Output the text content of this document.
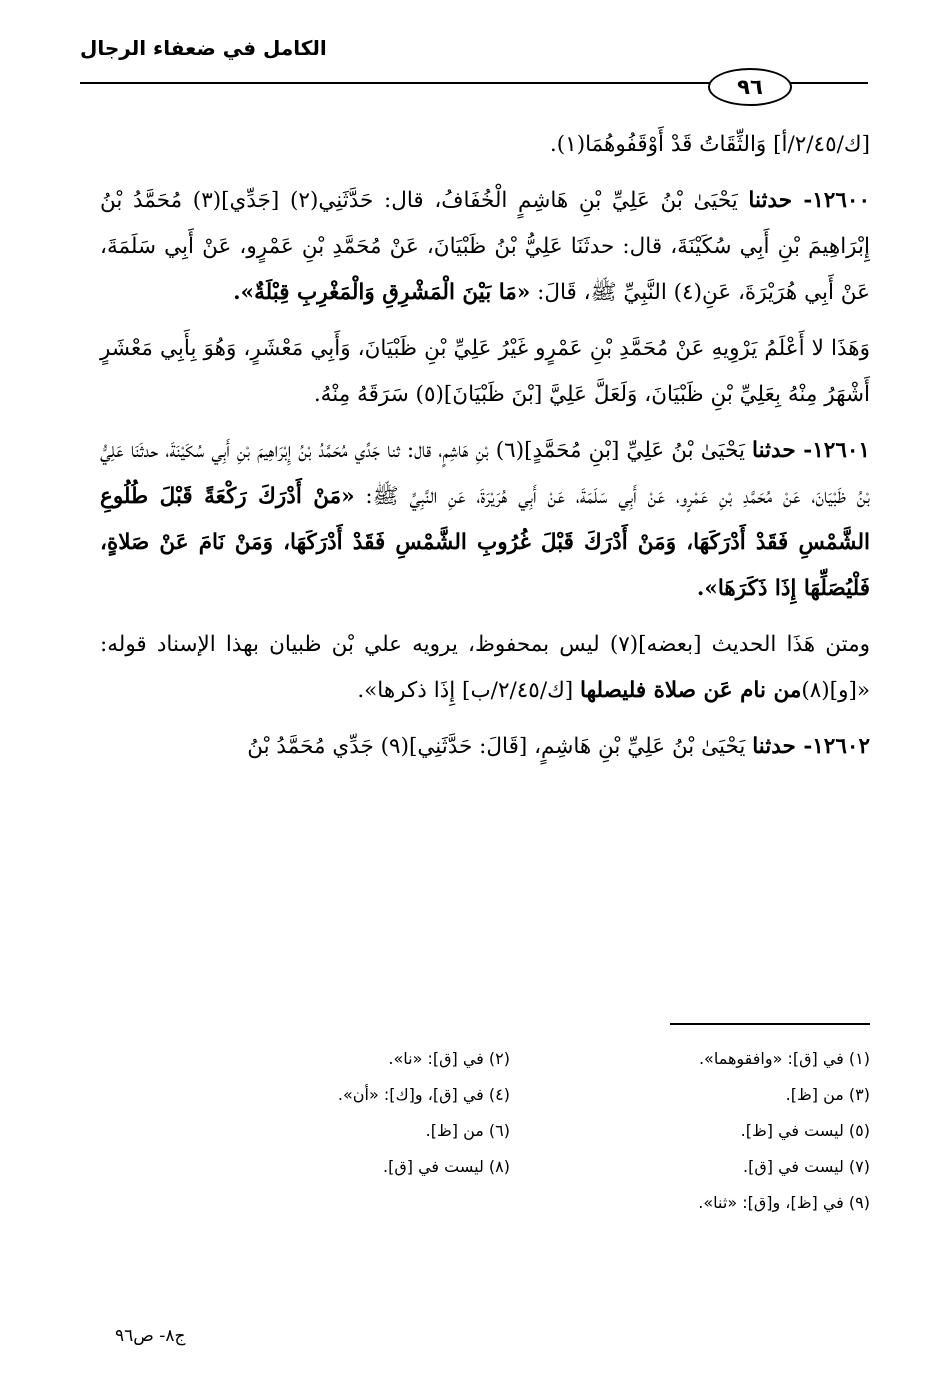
الكامل في ضعفاء الرجال
٩٦

[ك/٢/٤٥/أ] وَالثِّقَاتُ قَدْ أَوْقَفُوهُمَا(١).

١٢٦٠٠- حدثنا يَحْيَىٰ بْنُ عَلِيِّ بْنِ هَاشِمٍ الْخُفَافُ، قال: حَدَّثَنِي(٢) [جَدِّي](٣) مُحَمَّدُ بْنُ إِبْرَاهِيمَ بْنِ أَبِي سُكَيْنَةَ، قال: حدثَنَا عَلِيُّ بْنُ ظَبْيَانَ، عَنْ مُحَمَّدِ بْنِ عَمْرٍو، عَنْ أَبِي سَلَمَةَ، عَنْ أَبِي هُرَيْرَةَ، عَنِ(٤) النَّبِيِّ ﷺ، قَالَ: «مَا بَيْنَ الْمَشْرِقِ وَالْمَغْرِبِ قِبْلَةٌ».

وَهَذَا لا أَعْلَمُ يَرْوِيهِ عَنْ مُحَمَّدِ بْنِ عَمْرٍو غَيْرُ عَلِيِّ بْنِ ظَبْيَانَ، وَأَبِي مَعْشَرٍ، وَهُوَ بِأَبِي مَعْشَرٍ أَشْهَرُ مِنْهُ بِعَلِيِّ بْنِ ظَبْيَانَ، وَلَعَلَّ عَلِيَّ [بْنَ ظَبْيَانَ](٥) سَرَقَهُ مِنْهُ.

١٢٦٠١- حدثنا يَحْيَىٰ بْنُ عَلِيِّ [بْنِ مُحَمَّدٍ](٦) بْنِ هَاشِمٍ، قال: ثنا جَدِّي مُحَمَّدُ بْنُ إِبْرَاهِيمَ بْنِ أَبِي سُكَيْنَةَ، حدثَنَا عَلِيُّ بْنُ ظَبْيَانَ، عَنْ مُحَمَّدِ بْنِ عَمْرٍو، عَنْ أَبِي سَلَمَةَ، عَنْ أَبِي هُرَيْرَةَ، عَنِ النَّبِيِّ ﷺ: «مَنْ أَدْرَكَ رَكْعَةً قَبْلَ طُلُوعِ الشَّمْسِ فَقَدْ أَدْرَكَهَا، وَمَنْ أَدْرَكَ قَبْلَ غُرُوبِ الشَّمْسِ فَقَدْ أَدْرَكَهَا، وَمَنْ نَامَ عَنْ صَلاةٍ، فَلْيُصَلِّهَا إِذَا ذَكَرَهَا».

ومتن هَذَا الحديث [بعضه](٧) ليس بمحفوظ، يرويه علي بْن ظبيان بهذا الإسناد قوله: «[و](٨)من نام عَن صلاة فليصلها [ك/٢/٤٥/ب] إِذَا ذكرها».

١٢٦٠٢- حدثنا يَحْيَىٰ بْنُ عَلِيِّ بْنِ هَاشِمٍ، [قَالَ: حَدَّثَنِي](٩) جَدِّي مُحَمَّدُ بْنُ

(١) في [ق]: «وافقوهما».
(٢) في [ق]: «نا».
(٣) من [ظ].
(٤) في [ق]، و[ك]: «أن».
(٥) ليست في [ظ].
(٦) من [ظ].
(٧) ليست في [ق].
(٨) ليست في [ق].
(٩) في [ظ]، و[ق]: «ثنا».
ج٨- ص٩٦
